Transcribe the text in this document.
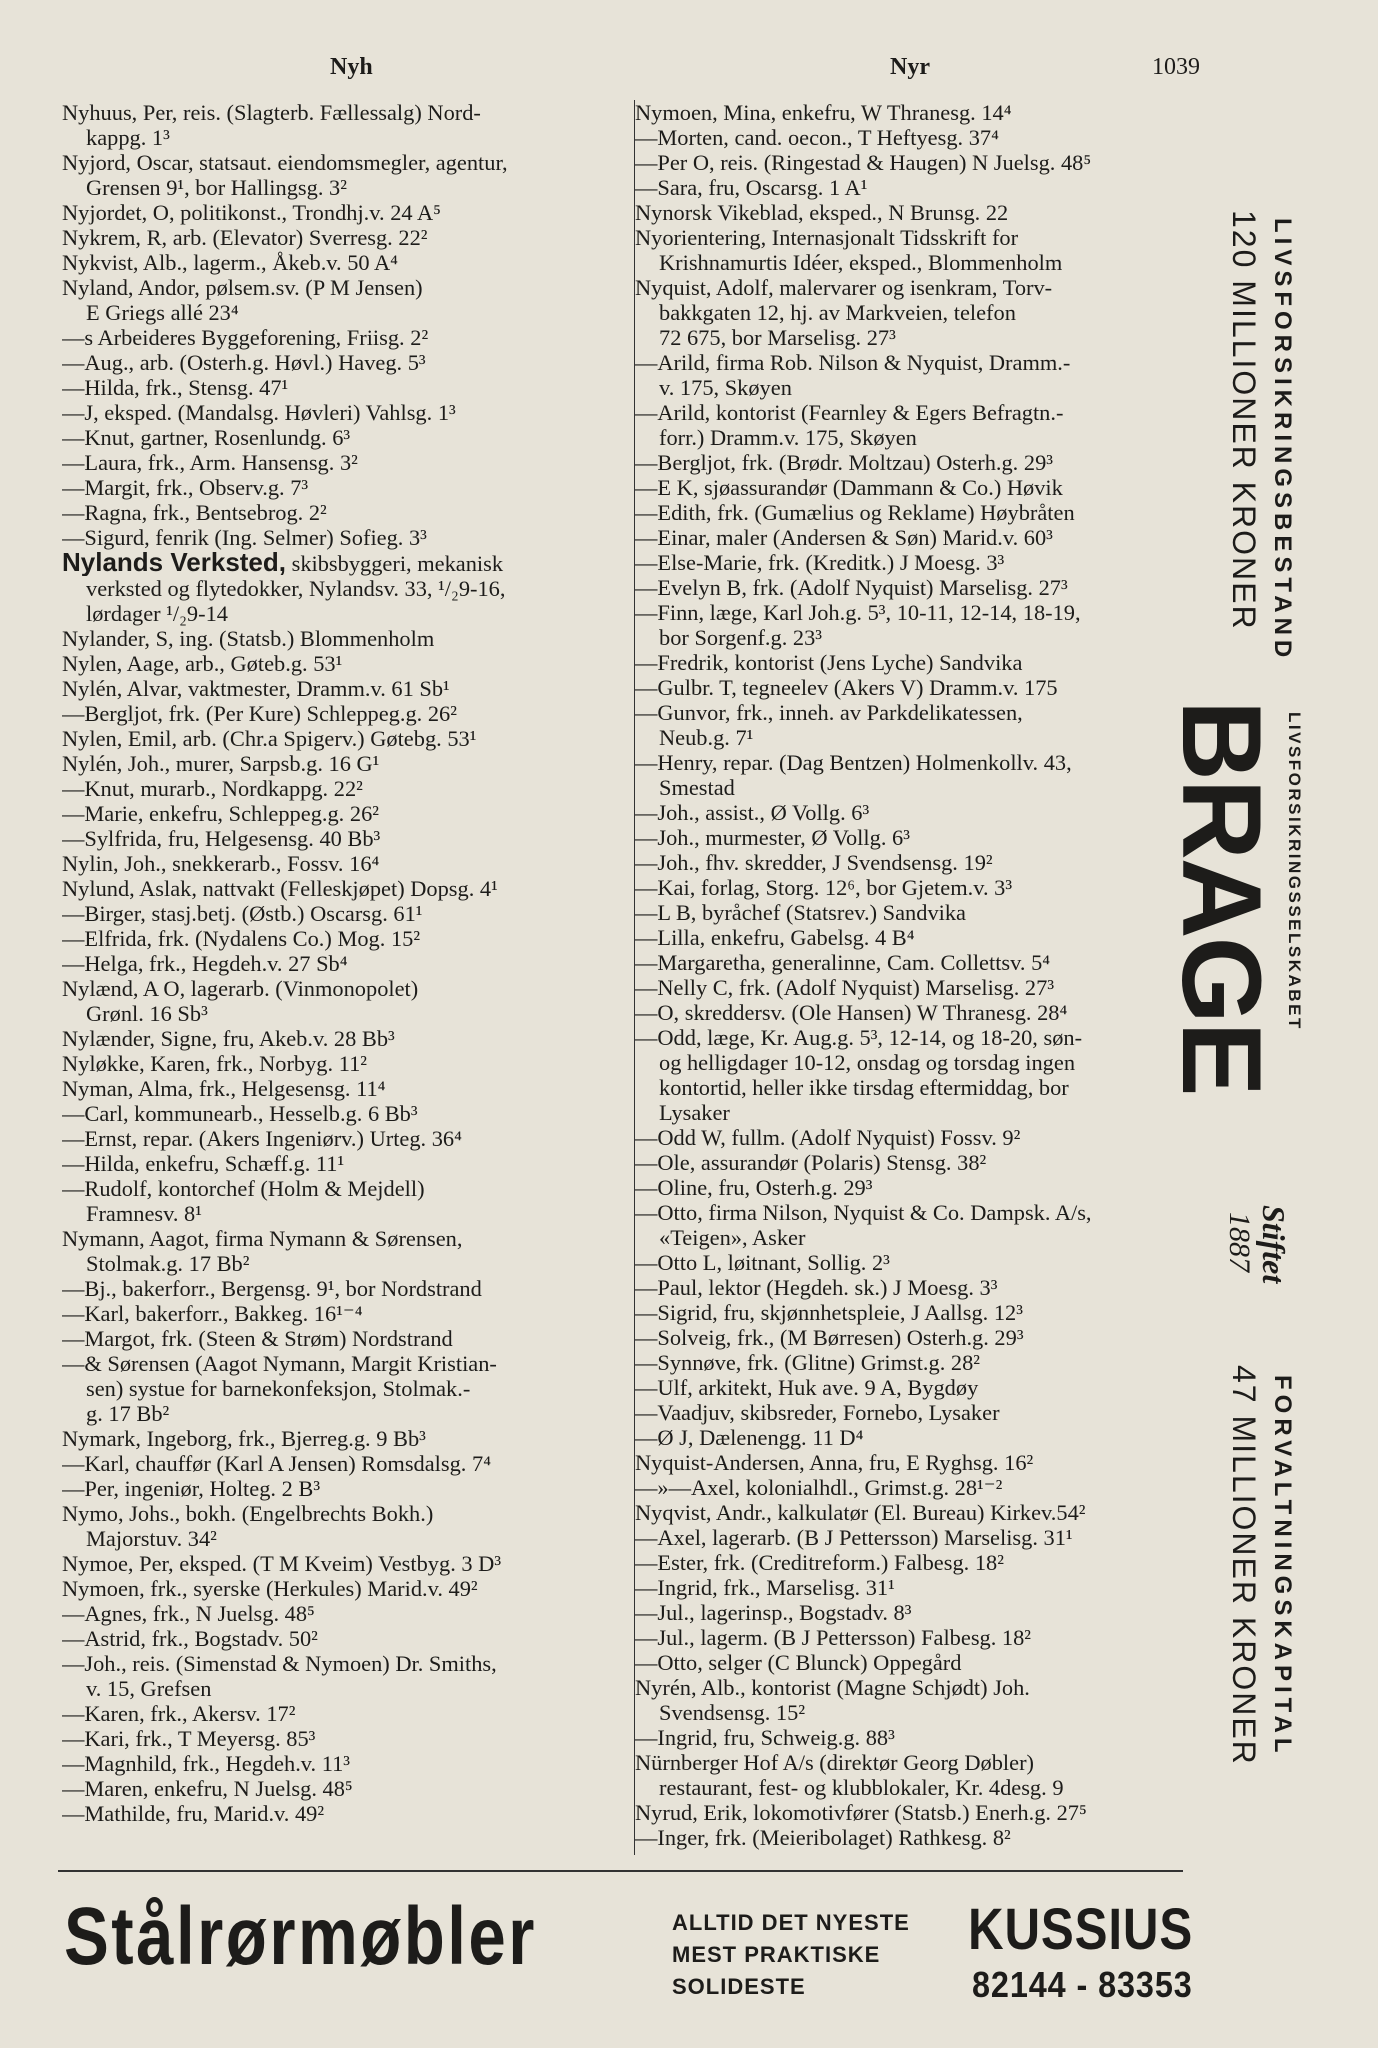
Nyh	Nyr	1039
Nyhuus, Per, reis. (Slagterb. Fællessalg) Nord-
kappg. 1³
Nyjord, Oscar, statsaut. eiendomsmegler, agentur,
Grensen 9¹, bor Hallingsg. 3²
Nyjordet, O, politikonst., Trondhj.v. 24 A⁵
Nykrem, R, arb. (Elevator) Sverresg. 22²
Nykvist, Alb., lagerm., Åkeb.v. 50 A⁴
Nyland, Andor, pølsem.sv. (P M Jensen)
E Griegs allé 23⁴
—s Arbeideres Byggeforening, Friisg. 2²
—Aug., arb. (Osterh.g. Høvl.) Haveg. 5³
—Hilda, frk., Stensg. 47¹
—J, eksped. (Mandalsg. Høvleri) Vahlsg. 1³
—Knut, gartner, Rosenlundg. 6³
—Laura, frk., Arm. Hansensg. 3²
—Margit, frk., Observ.g. 7³
—Ragna, frk., Bentsebrog. 2²
—Sigurd, fenrik (Ing. Selmer) Sofieg. 3³
Nylands Verksted, skibsbyggeri, mekanisk
verksted og flytedokker, Nylandsv. 33, ¹/₂9-16,
lørdager ¹/₂9-14
Nylander, S, ing. (Statsb.) Blommenholm
Nylen, Aage, arb., Gøteb.g. 53¹
Nylén, Alvar, vaktmester, Dramm.v. 61 Sb¹
—Bergljot, frk. (Per Kure) Schleppeg.g. 26²
Nylen, Emil, arb. (Chr.a Spigerv.) Gøtebg. 53¹
Nylén, Joh., murer, Sarpsb.g. 16 G¹
—Knut, murarb., Nordkappg. 22²
—Marie, enkefru, Schleppeg.g. 26²
—Sylfrida, fru, Helgesensg. 40 Bb³
Nylin, Joh., snekkerarb., Fossv. 16⁴
Nylund, Aslak, nattvakt (Felleskjøpet) Dopsg. 4¹
—Birger, stasj.betj. (Østb.) Oscarsg. 61¹
—Elfrida, frk. (Nydalens Co.) Mog. 15²
—Helga, frk., Hegdeh.v. 27 Sb⁴
Nylænd, A O, lagerarb. (Vinmonopolet)
Grønl. 16 Sb³
Nylænder, Signe, fru, Akeb.v. 28 Bb³
Nyløkke, Karen, frk., Norbyg. 11²
Nyman, Alma, frk., Helgesensg. 11⁴
—Carl, kommunearb., Hesselb.g. 6 Bb³
—Ernst, repar. (Akers Ingeniørv.) Urteg. 36⁴
—Hilda, enkefru, Schæff.g. 11¹
—Rudolf, kontorchef (Holm & Mejdell)
Framnesv. 8¹
Nymann, Aagot, firma Nymann & Sørensen,
Stolmak.g. 17 Bb²
—Bj., bakerforr., Bergensg. 9¹, bor Nordstrand
—Karl, bakerforr., Bakkeg. 16¹⁻⁴
—Margot, frk. (Steen & Strøm) Nordstrand
—& Sørensen (Aagot Nymann, Margit Kristian-
sen) systue for barnekonfeksjon, Stolmak.-
g. 17 Bb²
Nymark, Ingeborg, frk., Bjerreg.g. 9 Bb³
—Karl, chauffør (Karl A Jensen) Romsdalsg. 7⁴
—Per, ingeniør, Holteg. 2 B³
Nymo, Johs., bokh. (Engelbrechts Bokh.)
Majorstuv. 34²
Nymoe, Per, eksped. (T M Kveim) Vestbyg. 3 D³
Nymoen, frk., syerske (Herkules) Marid.v. 49²
—Agnes, frk., N Juelsg. 48⁵
—Astrid, frk., Bogstadv. 50²
—Joh., reis. (Simenstad & Nymoen) Dr. Smiths,
v. 15, Grefsen
—Karen, frk., Akersv. 17²
—Kari, frk., T Meyersg. 85³
—Magnhild, frk., Hegdeh.v. 11³
—Maren, enkefru, N Juelsg. 48⁵
—Mathilde, fru, Marid.v. 49²
Nymoen, Mina, enkefru, W Thranesg. 14⁴
—Morten, cand. oecon., T Heftyesg. 37⁴
—Per O, reis. (Ringestad & Haugen) N Juelsg. 48⁵
—Sara, fru, Oscarsg. 1 A¹
Nynorsk Vikeblad, eksped., N Brunsg. 22
Nyorientering, Internasjonalt Tidsskrift for
Krishnamurtis Idéer, eksped., Blommenholm
Nyquist, Adolf, malervarer og isenkram, Torv-
bakkgaten 12, hj. av Markveien, telefon
72 675, bor Marselisg. 27³
—Arild, firma Rob. Nilson & Nyquist, Dramm.-
v. 175, Skøyen
—Arild, kontorist (Fearnley & Egers Befragtn.-
forr.) Dramm.v. 175, Skøyen
—Bergljot, frk. (Brødr. Moltzau) Osterh.g. 29³
—E K, sjøassurandør (Dammann & Co.) Høvik
—Edith, frk. (Gumælius og Reklame) Høybråten
—Einar, maler (Andersen & Søn) Marid.v. 60³
—Else-Marie, frk. (Kreditk.) J Moesg. 3³
—Evelyn B, frk. (Adolf Nyquist) Marselisg. 27³
—Finn, læge, Karl Joh.g. 5³, 10-11, 12-14, 18-19,
bor Sorgenf.g. 23³
—Fredrik, kontorist (Jens Lyche) Sandvika
—Gulbr. T, tegneelev (Akers V) Dramm.v. 175
—Gunvor, frk., inneh. av Parkdelikatessen,
Neub.g. 7¹
—Henry, repar. (Dag Bentzen) Holmenkollv. 43,
Smestad
—Joh., assist., Ø Vollg. 6³
—Joh., murmester, Ø Vollg. 6³
—Joh., fhv. skredder, J Svendsensg. 19²
—Kai, forlag, Storg. 12⁶, bor Gjetem.v. 3³
—L B, byråchef (Statsrev.) Sandvika
—Lilla, enkefru, Gabelsg. 4 B⁴
—Margaretha, generalinne, Cam. Collettsv. 5⁴
—Nelly C, frk. (Adolf Nyquist) Marselisg. 27³
—O, skreddersv. (Ole Hansen) W Thranesg. 28⁴
—Odd, læge, Kr. Aug.g. 5³, 12-14, og 18-20, søn-
og helligdager 10-12, onsdag og torsdag ingen
kontortid, heller ikke tirsdag eftermiddag, bor
Lysaker
—Odd W, fullm. (Adolf Nyquist) Fossv. 9²
—Ole, assurandør (Polaris) Stensg. 38²
—Oline, fru, Osterh.g. 29³
—Otto, firma Nilson, Nyquist & Co. Dampsk. A/s,
«Teigen», Asker
—Otto L, løitnant, Sollig. 2³
—Paul, lektor (Hegdeh. sk.) J Moesg. 3³
—Sigrid, fru, skjønnhetspleie, J Aallsg. 12³
—Solveig, frk., (M Børresen) Osterh.g. 29³
—Synnøve, frk. (Glitne) Grimst.g. 28²
—Ulf, arkitekt, Huk ave. 9 A, Bygdøy
—Vaadjuv, skibsreder, Fornebo, Lysaker
—Ø J, Dælenengg. 11 D⁴
Nyquist-Andersen, Anna, fru, E Ryghsg. 16²
—»—Axel, kolonialhdl., Grimst.g. 28¹⁻²
Nyqvist, Andr., kalkulatør (El. Bureau) Kirkev.54²
—Axel, lagerarb. (B J Pettersson) Marselisg. 31¹
—Ester, frk. (Creditreform.) Falbesg. 18²
—Ingrid, frk., Marselisg. 31¹
—Jul., lagerinsp., Bogstadv. 8³
—Jul., lagerm. (B J Pettersson) Falbesg. 18²
—Otto, selger (C Blunck) Oppegård
Nyrén, Alb., kontorist (Magne Schjødt) Joh.
Svendsensg. 15²
—Ingrid, fru, Schweig.g. 88³
Nürnberger Hof A/s (direktør Georg Døbler)
restaurant, fest- og klubblokaler, Kr. 4desg. 9
Nyrud, Erik, lokomotivfører (Statsb.) Enerh.g. 27⁵
—Inger, frk. (Meieribolaget) Rathkesg. 8²
LIVSFORSIKRINGSBESTAND
120 MILLIONER KRONER
LIVSFORSIKRINGSSELSKABET
BRAGE
Stiftet
1887
FORVALTNINGSKAPITAL
47 MILLIONER KRONER
Stålrørmøbler	ALLTID DET NYESTE
MEST PRAKTISKE
SOLIDESTE
KUSSIUS
82144 - 83353
